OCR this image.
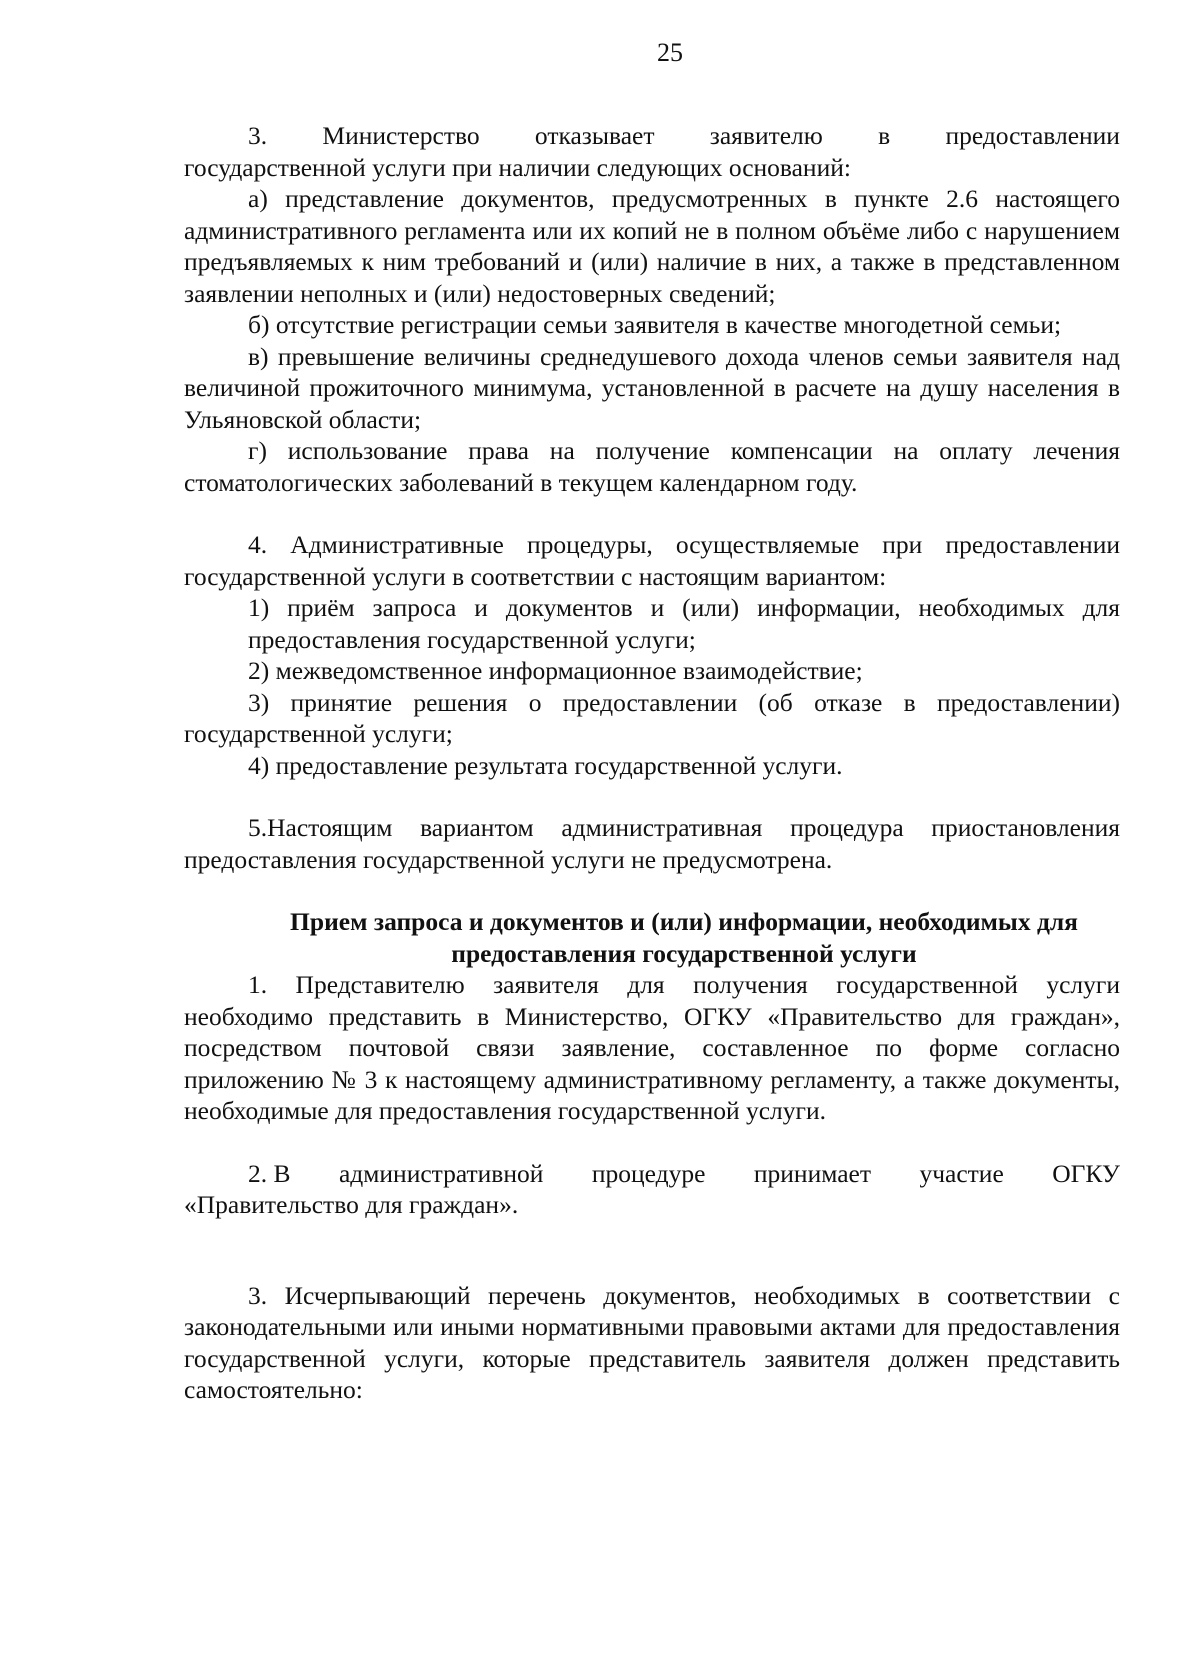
25
3. Министерство отказывает заявителю в предоставлении

государственной услуги при наличии следующих оснований:

а) представление документов, предусмотренных в пункте 2.6 настоящего административного регламента или их копий не в полном объёме либо с нарушением предъявляемых к ним требований и (или) наличие в них, а также в представленном заявлении неполных и (или) недостоверных сведений;

б) отсутствие регистрации семьи заявителя в качестве многодетной семьи;

в) превышение величины среднедушевого дохода членов семьи заявителя над величиной прожиточного минимума, установленной в расчете на душу населения в Ульяновской области;

г) использование права на получение компенсации на оплату лечения стоматологических заболеваний в текущем календарном году.

4. Административные процедуры, осуществляемые при предоставлении государственной услуги в соответствии с настоящим вариантом:

1) приём запроса и документов и (или) информации, необходимых для предоставления государственной услуги;

2) межведомственное информационное взаимодействие;

3) принятие решения о предоставлении (об отказе в предоставлении) государственной услуги;

4) предоставление результата государственной услуги.

5.Настоящим вариантом административная процедура приостановления предоставления государственной услуги не предусмотрена.

Прием запроса и документов и (или) информации, необходимых для
предоставления государственной услуги

1. Представителю заявителя для получения государственной услуги необходимо представить в Министерство, ОГКУ «Правительство для граждан», посредством почтовой связи заявление, составленное по форме согласно приложению № 3 к настоящему административному регламенту, а также документы, необходимые для предоставления государственной услуги.

2. В административной процедуре принимает участие ОГКУ

«Правительство для граждан».

3. Исчерпывающий перечень документов, необходимых в соответствии с законодательными или иными нормативными правовыми актами для предоставления государственной услуги, которые представитель заявителя должен представить самостоятельно:
